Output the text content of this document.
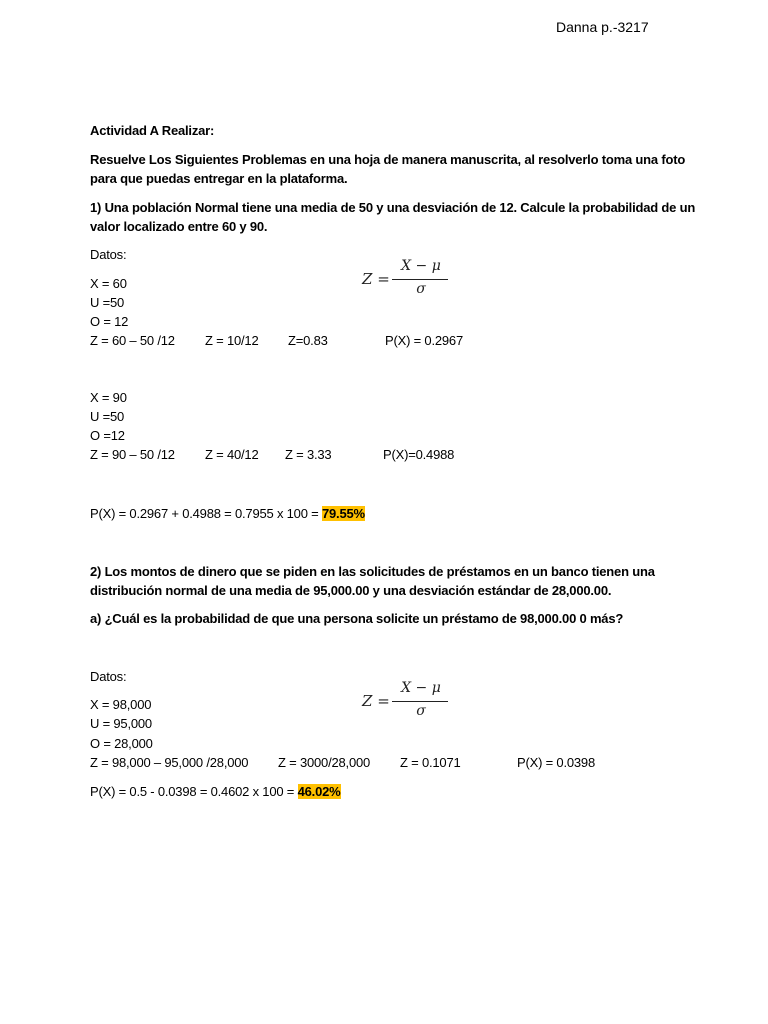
Danna p.-3217
Actividad A Realizar:
Resuelve Los Siguientes Problemas en una hoja de manera manuscrita, al resolverlo toma una foto
para que puedas entregar en la plataforma.
1) Una población Normal tiene una media de 50 y una desviación de 12. Calcule la probabilidad de un
valor localizado entre 60 y 90.
Datos:
Z =
X − μ
σ
X = 60
U =50
O = 12
Z = 60 – 50 /12 Z = 10/12 Z=0.83	P(X) = 0.2967
X = 90
U =50
O =12
Z = 90 – 50 /12 Z = 40/12 Z = 3.33	P(X)=0.4988
P(X) = 0.2967 + 0.4988 = 0.7955 x 100 = 79.55%
2) Los montos de dinero que se piden en las solicitudes de préstamos en un banco tienen una
distribución normal de una media de 95,000.00 y una desviación estándar de 28,000.00.
a) ¿Cuál es la probabilidad de que una persona solicite un préstamo de 98,000.00 0 más?
Datos:
Z =
X − μ
σ
X = 98,000
U = 95,000
O = 28,000
Z = 98,000 – 95,000 /28,000 Z = 3000/28,000 Z = 0.1071	P(X) = 0.0398
P(X) = 0.5 - 0.0398 = 0.4602 x 100 = 46.02%
